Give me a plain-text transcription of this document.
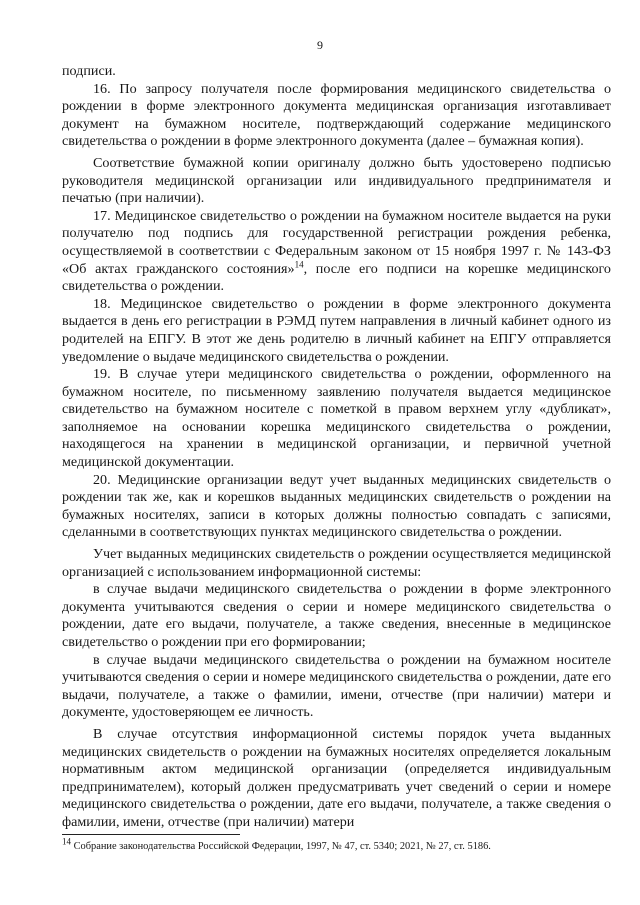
9

подписи.

16. По запросу получателя после формирования медицинского свидетельства о рождении в форме электронного документа медицинская организация изготавливает документ на бумажном носителе, подтверждающий содержание медицинского свидетельства о рождении в форме электронного документа (далее – бумажная копия).

Соответствие бумажной копии оригиналу должно быть удостоверено подписью руководителя медицинской организации или индивидуального предпринимателя и печатью (при наличии).

17. Медицинское свидетельство о рождении на бумажном носителе выдается на руки получателю под подпись для государственной регистрации рождения ребенка, осуществляемой в соответствии с Федеральным законом от 15 ноября 1997 г. № 143-ФЗ «Об актах гражданского состояния»$^{14}$, после его подписи на корешке медицинского свидетельства о рождении.

18. Медицинское свидетельство о рождении в форме электронного документа выдается в день его регистрации в РЭМД путем направления в личный кабинет одного из родителей на ЕПГУ. В этот же день родителю в личный кабинет на ЕПГУ отправляется уведомление о выдаче медицинского свидетельства о рождении.

19. В случае утери медицинского свидетельства о рождении, оформленного на бумажном носителе, по письменному заявлению получателя выдается медицинское свидетельство на бумажном носителе с пометкой в правом верхнем углу «дубликат», заполняемое на основании корешка медицинского свидетельства о рождении, находящегося на хранении в медицинской организации, и первичной учетной медицинской документации.

20. Медицинские организации ведут учет выданных медицинских свидетельств о рождении так же, как и корешков выданных медицинских свидетельств о рождении на бумажных носителях, записи в которых должны полностью совпадать с записями, сделанными в соответствующих пунктах медицинского свидетельства о рождении.

Учет выданных медицинских свидетельств о рождении осуществляется медицинской организацией с использованием информационной системы:

в случае выдачи медицинского свидетельства о рождении в форме электронного документа учитываются сведения о серии и номере медицинского свидетельства о рождении, дате его выдачи, получателе, а также сведения, внесенные в медицинское свидетельство о рождении при его формировании;

в случае выдачи медицинского свидетельства о рождении на бумажном носителе учитываются сведения о серии и номере медицинского свидетельства о рождении, дате его выдачи, получателе, а также о фамилии, имени, отчестве (при наличии) матери и документе, удостоверяющем ее личность.

В случае отсутствия информационной системы порядок учета выданных медицинских свидетельств о рождении на бумажных носителях определяется локальным нормативным актом медицинской организации (определяется индивидуальным предпринимателем), который должен предусматривать учет сведений о серии и номере медицинского свидетельства о рождении, дате его выдачи, получателе, а также сведения о фамилии, имени, отчестве (при наличии) матери

$^{14}$ Собрание законодательства Российской Федерации, 1997, № 47, ст. 5340; 2021, № 27, ст. 5186.
